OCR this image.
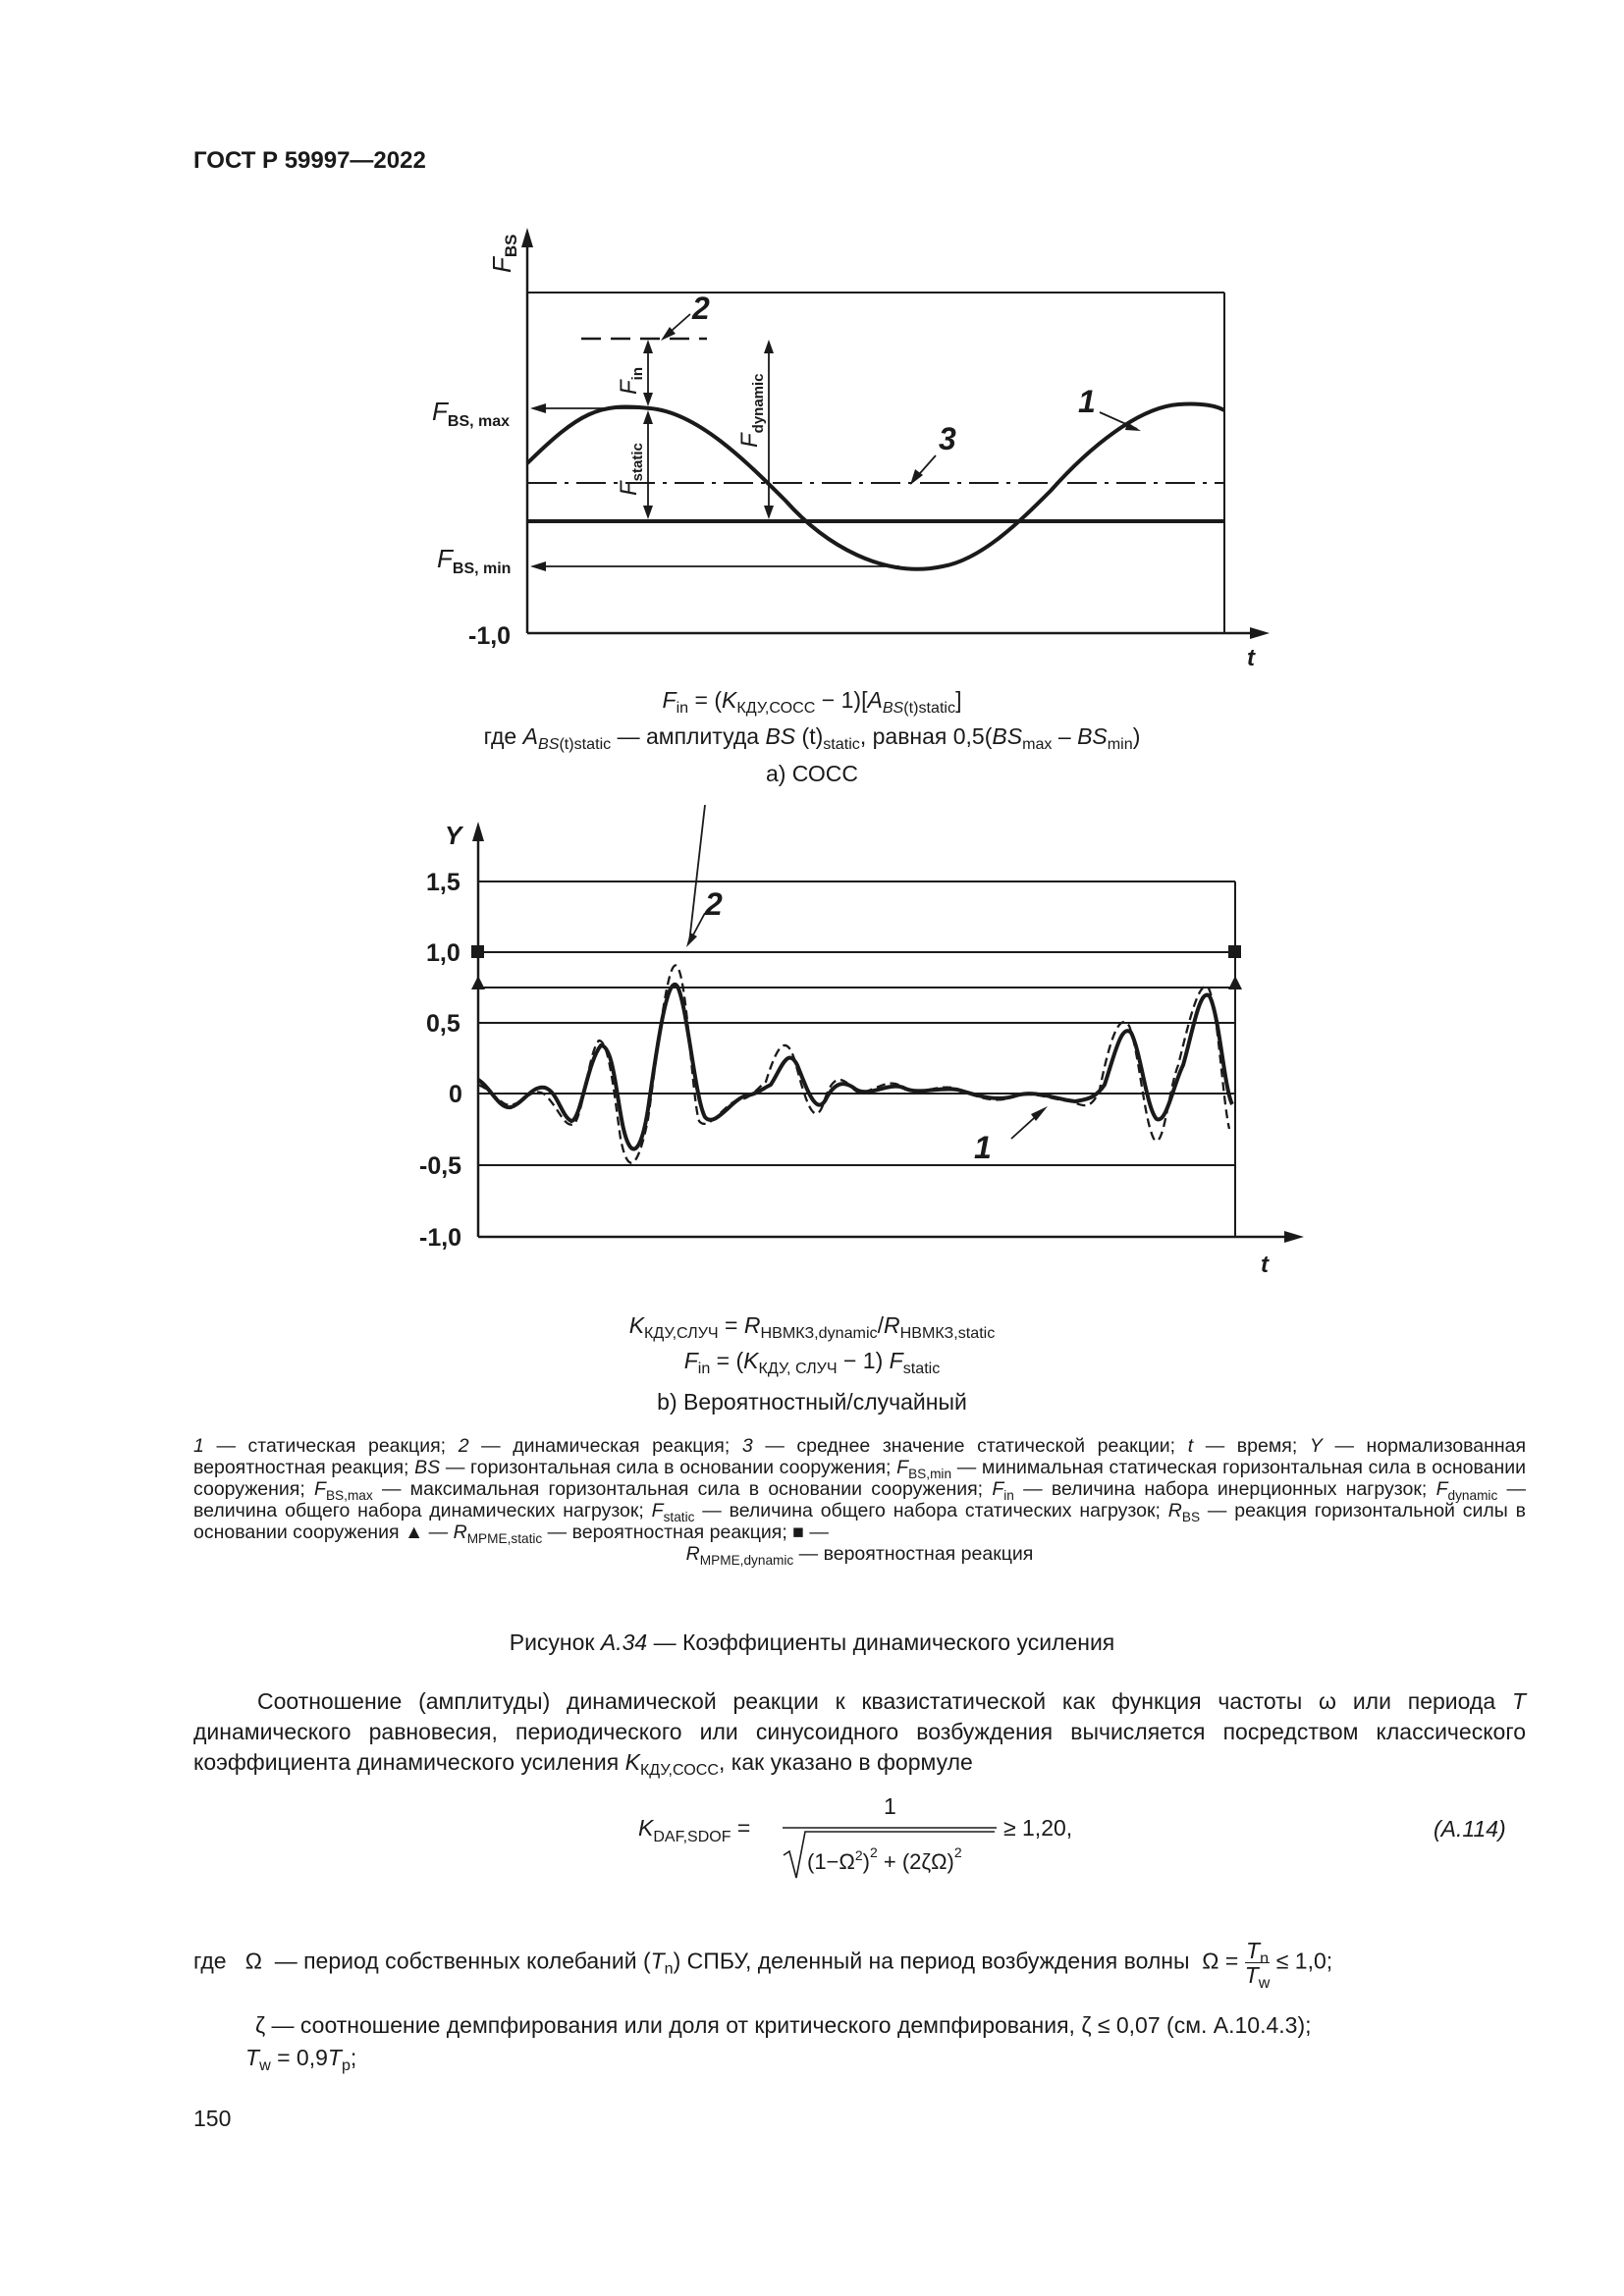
ГОСТ Р 59997—2022
$F_{BS}$
$F_{BS, max}$
$F_{BS, min}$
-1,0
t
$F_{in}$
$F_{static}$
$F_{dynamic}$
2
1
3
$F_{in} = (K_{КДУ,СОСС} - 1)[A_{BS(t)static}]$
где $A_{BS(t)static}$ — амплитуда BS $(t)_{static}$, равная $0,5(BS_{max} - BS_{min})$
a) СОСС
1,5
1,0
0,5
0
-0,5
-1,0
Y
t
2
1
$K_{КДУ,СЛУЧ} = R_{НВМКЗ,dynamic}/R_{НВМКЗ,static}$
$F_{in} = (K_{КДУ, СЛУЧ} - 1)$ $F_{static}$
b) Вероятностный/случайный
1 — статическая реакция; 2 — динамическая реакция; 3 — среднее значение статической реакции; t — время; Y — нормализованная вероятностная реакция; BS — горизонтальная сила в основании сооружения; $F_{BS,min}$ — минимальная статическая горизонтальная сила в основании сооружения; $F_{BS,max}$ — максимальная горизонтальная сила в основании сооружения; $F_{in}$ — величина набора инерционных нагрузок; $F_{dynamic}$ — величина общего набора динамических нагрузок; $F_{static}$ — величина общего набора статических нагрузок; $R_{BS}$ — реакция горизонтальной силы в основании сооружения ▲ — $R_{MPME,static}$ — вероятностная реакция; ■ —
$R_{MPME,dynamic}$ — вероятностная реакция
Рисунок А.34 — Коэффициенты динамического усиления
Соотношение (амплитуды) динамической реакции к квазистатической как функция частоты ω или периода T динамического равновесия, периодического или синусоидного возбуждения вычисляется посредством классического коэффициента динамического усиления $K_{КДУ,СОСС}$, как указано в формуле
$K_{DAF,SDOF}$ =
1
$(1-\Omega^2)^2 + (2\zeta\Omega)^2$
≥ 1,20,	(А.114)
где   Ω  — период собственных колебаний $(T_n)$ СПБУ, деленный на период возбуждения волны  $\Omega = \frac{T_n}{T_w} \le 1,0$;
ζ — соотношение демпфирования или доля от критического демпфирования, ζ ≤ 0,07 (см. А.10.4.3);
$T_w = 0,9T_p$;
150
